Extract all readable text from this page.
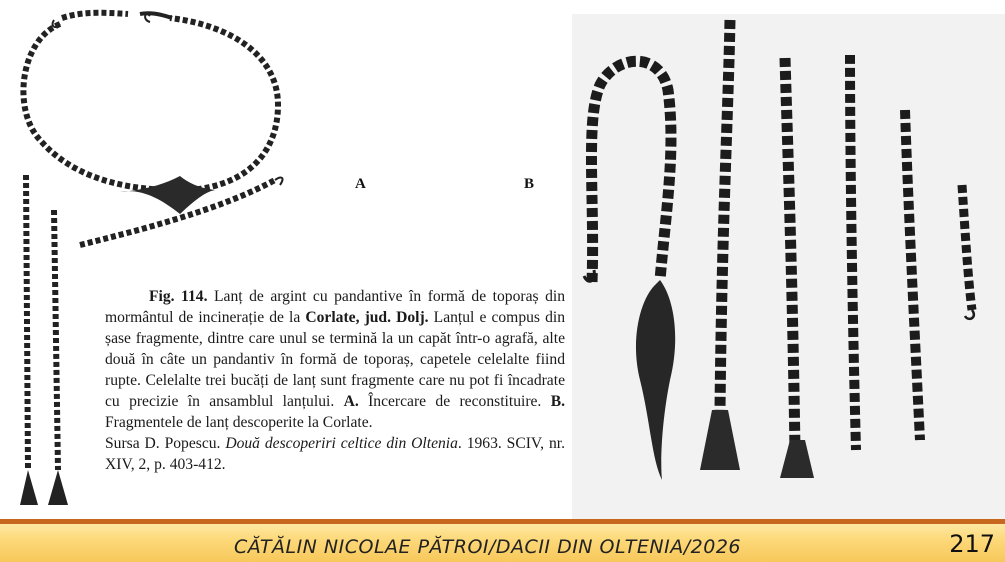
A	B

Fig. 114. Lanț de argint cu pandantive în formă de toporaș din mormântul de incinerație de la Corlate, jud. Dolj. Lanțul e compus din șase fragmente, dintre care unul se termină la un capăt într-o agrafă, alte două în câte un pandantiv în formă de toporaș, capetele celelalte fiind rupte. Celelalte trei bucăți de lanț sunt fragmente care nu pot fi încadrate cu precizie în ansamblul lanțului. A. Încercare de reconstituire. B. Fragmentele de lanț descoperite la Corlate.
Sursa D. Popescu. Două descoperiri celtice din Oltenia. 1963. SCIV, nr. XIV, 2, p. 403-412.

CĂTĂLIN NICOLAE PĂTROI/DACII DIN OLTENIA/2026	217
